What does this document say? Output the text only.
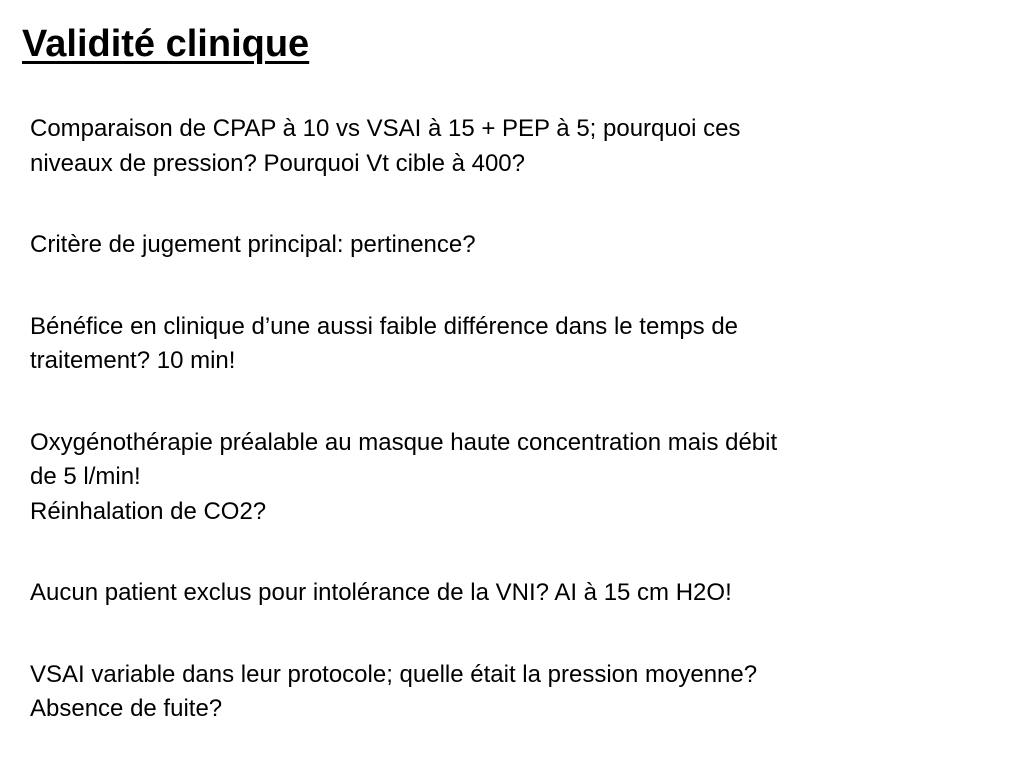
Validité clinique

Comparaison de CPAP à 10 vs VSAI à 15 + PEP à 5; pourquoi ces
niveaux de pression? Pourquoi Vt cible à 400?

Critère de jugement principal: pertinence?

Bénéfice en clinique d’une aussi faible différence dans le temps de
traitement? 10 min!

Oxygénothérapie préalable au masque haute concentration mais débit
de 5 l/min!
Réinhalation de CO2?

Aucun patient exclus pour intolérance de la VNI? AI à 15 cm H2O!

VSAI variable dans leur protocole; quelle était la pression moyenne?
Absence de fuite?
